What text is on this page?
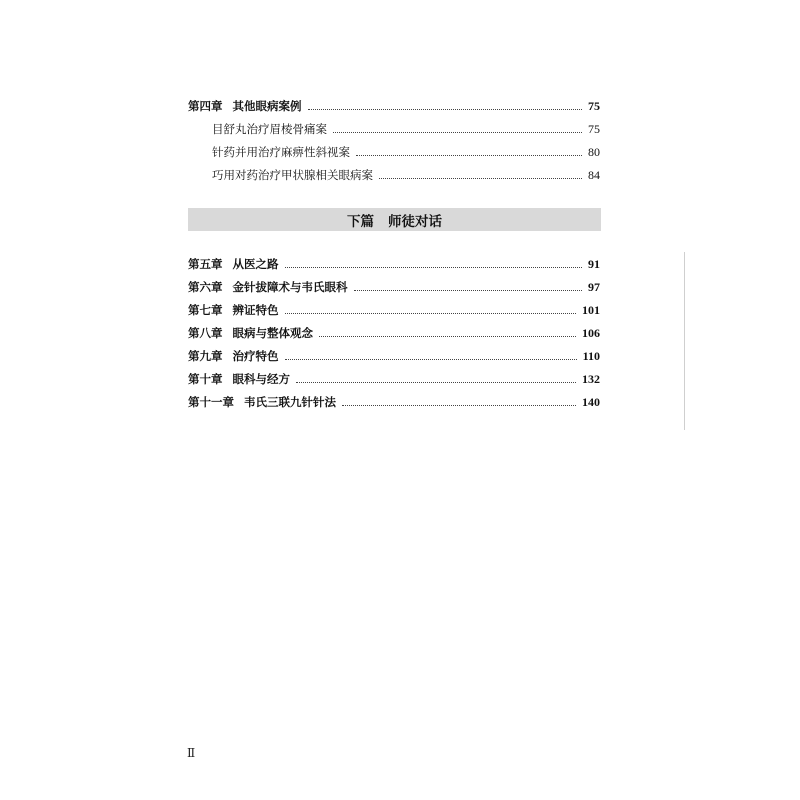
第四章 其他眼病案例	75
目舒丸治疗眉棱骨痛案	75
针药并用治疗麻痹性斜视案	80
巧用对药治疗甲状腺相关眼病案	84
下篇 师徒对话
第五章 从医之路	91
第六章 金针拔障术与韦氏眼科	97
第七章 辨证特色	101
第八章 眼病与整体观念	106
第九章 治疗特色	110
第十章 眼科与经方	132
第十一章 韦氏三联九针针法	140
Ⅱ
